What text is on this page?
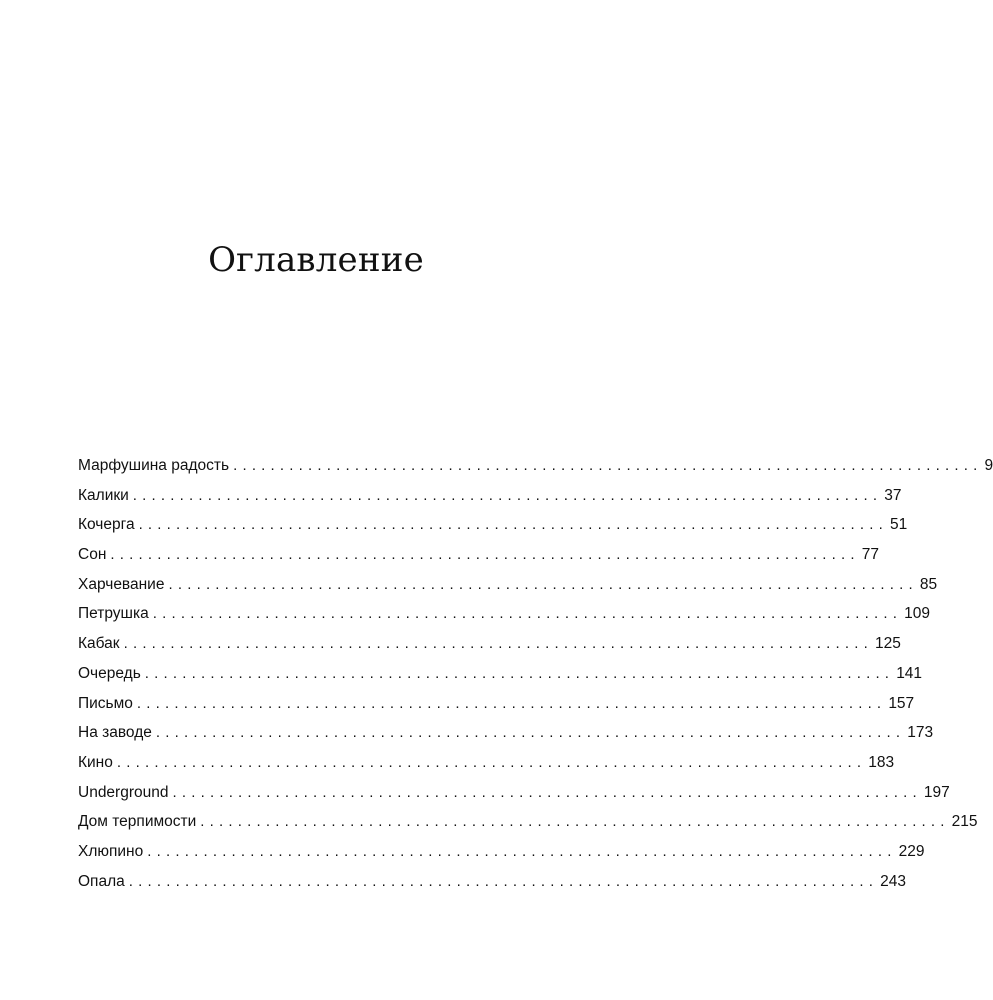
Оглавление
Марфушина радость ................................................................................ 9
Калики ................................................................................ 37
Кочерга ................................................................................ 51
Сон ................................................................................ 77
Харчевание ................................................................................ 85
Петрушка ................................................................................ 109
Кабак ................................................................................ 125
Очередь ................................................................................ 141
Письмо ................................................................................ 157
На заводе ................................................................................ 173
Кино ................................................................................ 183
Underground ................................................................................ 197
Дом терпимости ................................................................................ 215
Хлюпино ................................................................................ 229
Опала ................................................................................ 243
